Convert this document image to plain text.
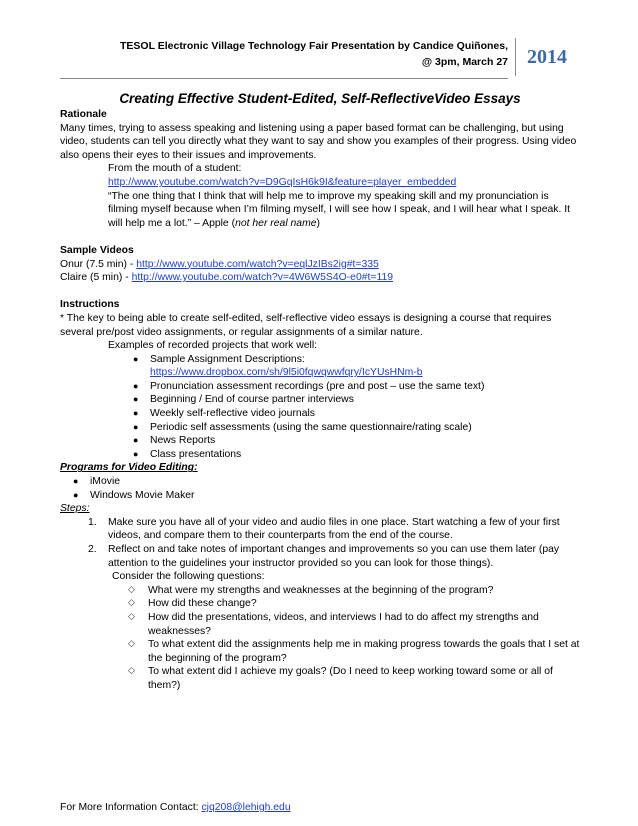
TESOL Electronic Village Technology Fair Presentation by Candice Quiñones,
@ 3pm, March 27 2014

Creating Effective Student-Edited, Self-ReflectiveVideo Essays

Rationale

Many times, trying to assess speaking and listening using a paper based format can be challenging, but using video, students can tell you directly what they want to say and show you examples of their progress. Using video also opens their eyes to their issues and improvements.

From the mouth of a student:

http://www.youtube.com/watch?v=D9GqIsH6k9I&feature=player_embedded

“The one thing that I think that will help me to improve my speaking skill and my pronunciation is filming myself because when I’m filming myself, I will see how I speak, and I will hear what I speak. It will help me a lot.” – Apple (not her real name)

Sample Videos

Onur (7.5 min) - http://www.youtube.com/watch?v=eqlJzIBs2ig#t=335

Claire (5 min) - http://www.youtube.com/watch?v=4W6W5S4O-e0#t=119

Instructions

* The key to being able to create self-edited, self-reflective video essays is designing a course that requires several pre/post video assignments, or regular assignments of a similar nature.

Examples of recorded projects that work well:

● Sample Assignment Descriptions:
https://www.dropbox.com/sh/9l5i0fqwqwwfqry/IcYUsHNm-b
● Pronunciation assessment recordings (pre and post – use the same text)
● Beginning / End of course partner interviews
● Weekly self-reflective video journals
● Periodic self assessments (using the same questionnaire/rating scale)
● News Reports
● Class presentations

Programs for Video Editing:

● iMovie
● Windows Movie Maker

Steps:

1. Make sure you have all of your video and audio files in one place. Start watching a few of your first videos, and compare them to their counterparts from the end of the course.
2. Reflect on and take notes of important changes and improvements so you can use them later (pay attention to the guidelines your instructor provided so you can look for those things).
Consider the following questions:
◇ What were my strengths and weaknesses at the beginning of the program?
◇ How did these change?
◇ How did the presentations, videos, and interviews I had to do affect my strengths and weaknesses?
◇ To what extent did the assignments help me in making progress towards the goals that I set at the beginning of the program?
◇ To what extent did I achieve my goals? (Do I need to keep working toward some or all of them?)
For More Information Contact: cjq208@lehigh.edu
